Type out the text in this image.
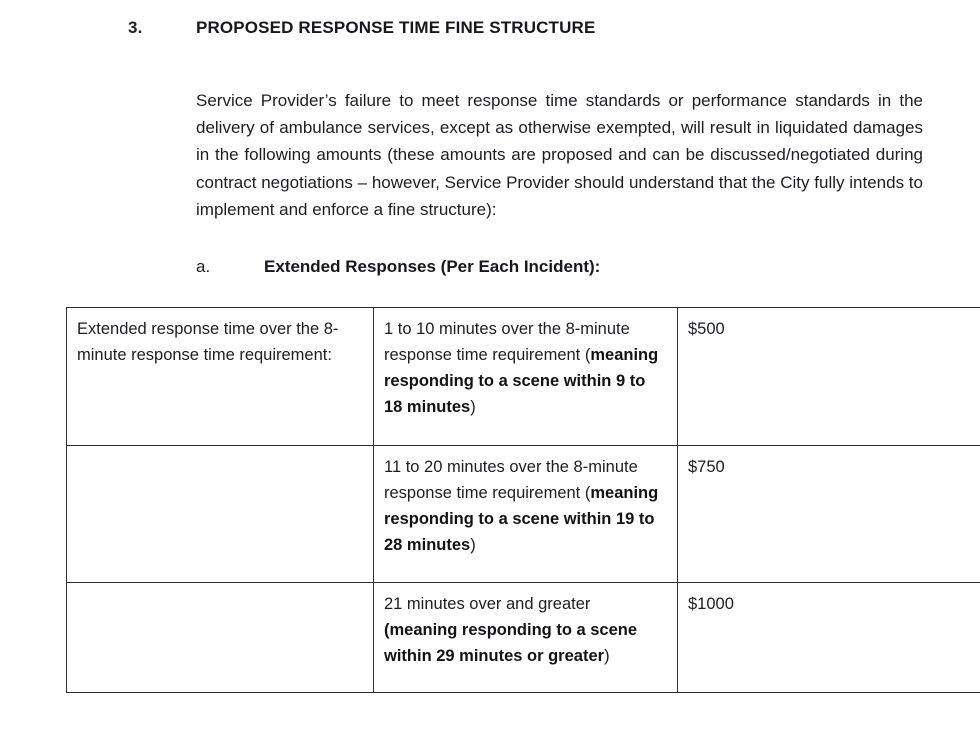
3.	PROPOSED RESPONSE TIME FINE STRUCTURE

Service Provider’s failure to meet response time standards or performance standards in the delivery of ambulance services, except as otherwise exempted, will result in liquidated damages in the following amounts (these amounts are proposed and can be discussed/negotiated during contract negotiations – however, Service Provider should understand that the City fully intends to implement and enforce a fine structure):

a.	Extended Responses (Per Each Incident):
Extended response time over the 8-minute response time requirement:	1 to 10 minutes over the 8-minute response time requirement (meaning responding to a scene within 9 to 18 minutes)	$500
	11 to 20 minutes over the 8-minute response time requirement (meaning responding to a scene within 19 to 28 minutes)	$750
	21 minutes over and greater (meaning responding to a scene within 29 minutes or greater)	$1000
